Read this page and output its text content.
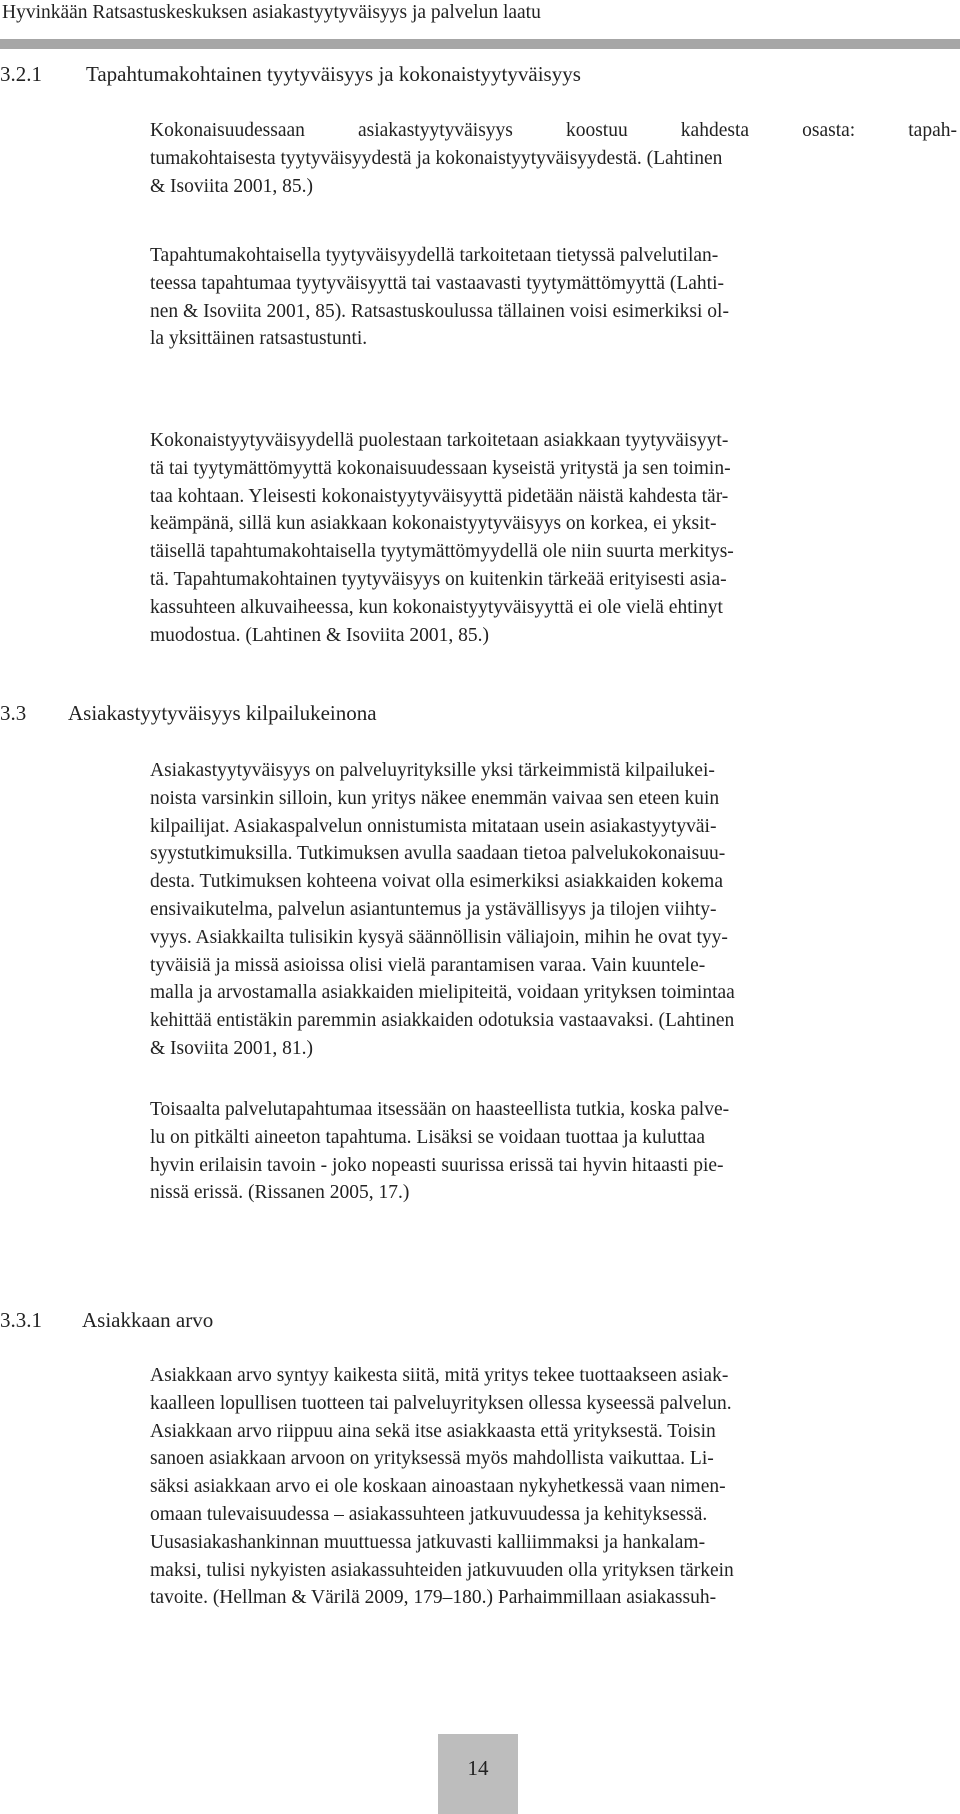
Hyvinkään Ratsastuskeskuksen asiakastyytyväisyys ja palvelun laatu
3.2.1 Tapahtumakohtainen tyytyväisyys ja kokonaistyytyväisyys
Kokonaisuudessaan asiakastyytyväisyys koostuu kahdesta osasta: tapah-
tumakohtaisesta tyytyväisyydestä ja kokonaistyytyväisyydestä. (Lahtinen
& Isoviita 2001, 85.)
Tapahtumakohtaisella tyytyväisyydellä tarkoitetaan tietyssä palvelutilan-
teessa tapahtumaa tyytyväisyyttä tai vastaavasti tyytymättömyyttä (Lahti-
nen & Isoviita 2001, 85). Ratsastuskoulussa tällainen voisi esimerkiksi ol-
la yksittäinen ratsastustunti.
Kokonaistyytyväisyydellä puolestaan tarkoitetaan asiakkaan tyytyväisyyt-
tä tai tyytymättömyyttä kokonaisuudessaan kyseistä yritystä ja sen toimin-
taa kohtaan. Yleisesti kokonaistyytyväisyyttä pidetään näistä kahdesta tär-
keämpänä, sillä kun asiakkaan kokonaistyytyväisyys on korkea, ei yksit-
täisellä tapahtumakohtaisella tyytymättömyydellä ole niin suurta merkitys-
tä. Tapahtumakohtainen tyytyväisyys on kuitenkin tärkeää erityisesti asia-
kassuhteen alkuvaiheessa, kun kokonaistyytyväisyyttä ei ole vielä ehtinyt
muodostua. (Lahtinen & Isoviita 2001, 85.)
3.3 Asiakastyytyväisyys kilpailukeinona
Asiakastyytyväisyys on palveluyrityksille yksi tärkeimmistä kilpailukei-
noista varsinkin silloin, kun yritys näkee enemmän vaivaa sen eteen kuin
kilpailijat. Asiakaspalvelun onnistumista mitataan usein asiakastyytyväi-
syystutkimuksilla. Tutkimuksen avulla saadaan tietoa palvelukokonaisuu-
desta. Tutkimuksen kohteena voivat olla esimerkiksi asiakkaiden kokema
ensivaikutelma, palvelun asiantuntemus ja ystävällisyys ja tilojen viihty-
vyys. Asiakkailta tulisikin kysyä säännöllisin väliajoin, mihin he ovat tyy-
tyväisiä ja missä asioissa olisi vielä parantamisen varaa. Vain kuuntele-
malla ja arvostamalla asiakkaiden mielipiteitä, voidaan yrityksen toimintaa
kehittää entistäkin paremmin asiakkaiden odotuksia vastaavaksi. (Lahtinen
& Isoviita 2001, 81.)
Toisaalta palvelutapahtumaa itsessään on haasteellista tutkia, koska palve-
lu on pitkälti aineeton tapahtuma. Lisäksi se voidaan tuottaa ja kuluttaa
hyvin erilaisin tavoin - joko nopeasti suurissa erissä tai hyvin hitaasti pie-
nissä erissä. (Rissanen 2005, 17.)
3.3.1 Asiakkaan arvo
Asiakkaan arvo syntyy kaikesta siitä, mitä yritys tekee tuottaakseen asiak-
kaalleen lopullisen tuotteen tai palveluyrityksen ollessa kyseessä palvelun.
Asiakkaan arvo riippuu aina sekä itse asiakkaasta että yrityksestä. Toisin
sanoen asiakkaan arvoon on yrityksessä myös mahdollista vaikuttaa. Li-
säksi asiakkaan arvo ei ole koskaan ainoastaan nykyhetkessä vaan nimen-
omaan tulevaisuudessa – asiakassuhteen jatkuvuudessa ja kehityksessä.
Uusasiakashankinnan muuttuessa jatkuvasti kalliimmaksi ja hankalam-
maksi, tulisi nykyisten asiakassuhteiden jatkuvuuden olla yrityksen tärkein
tavoite. (Hellman & Värilä 2009, 179–180.) Parhaimmillaan asiakassuh-
14
